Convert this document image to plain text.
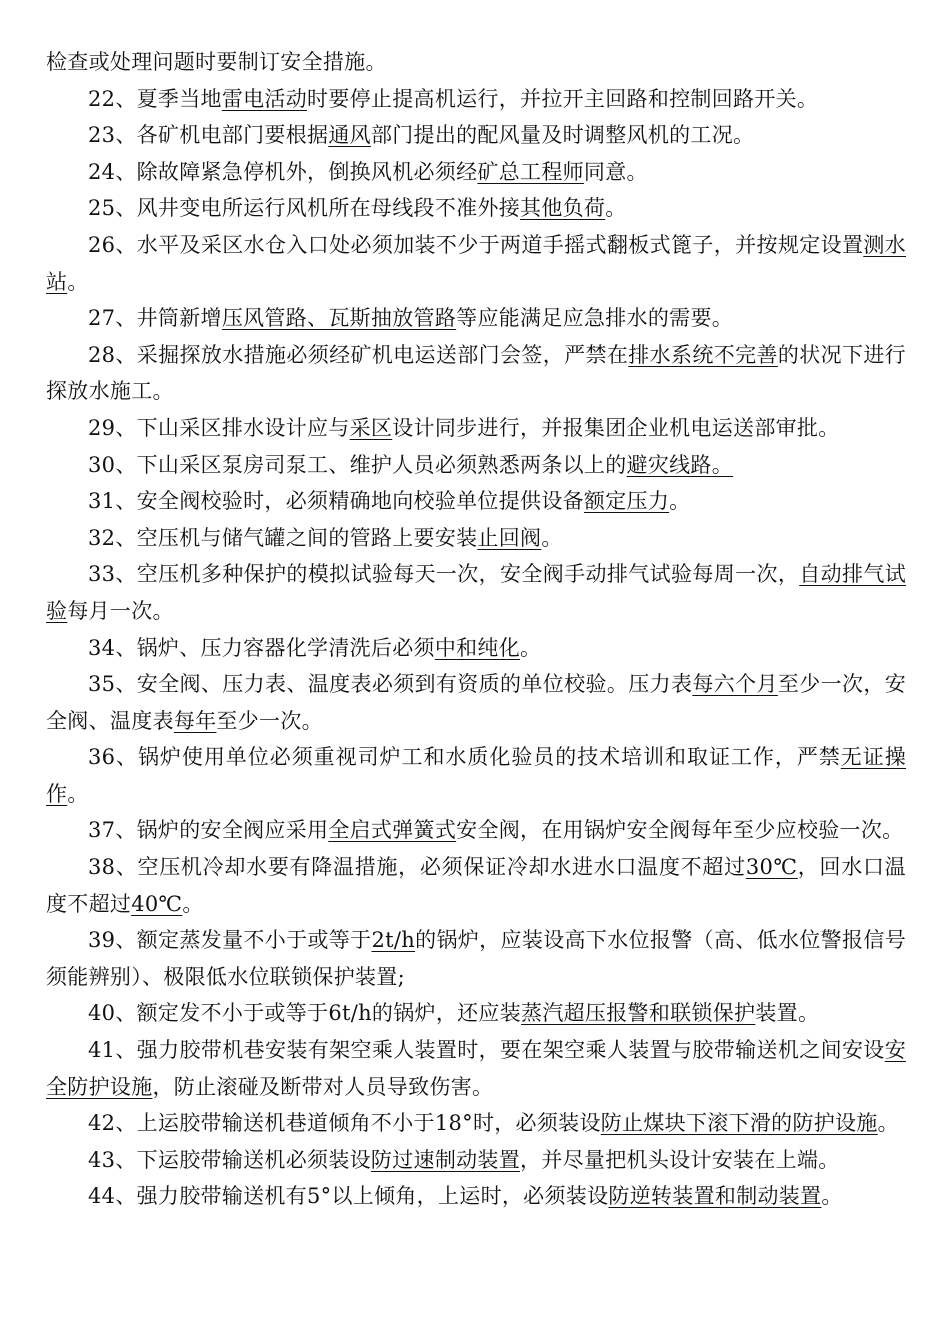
检查或处理问题时要制订安全措施。

22、夏季当地雷电活动时要停止提高机运行，并拉开主回路和控制回路开关。

23、各矿机电部门要根据通风部门提出的配风量及时调整风机的工况。

24、除故障紧急停机外，倒换风机必须经矿总工程师同意。

25、风井变电所运行风机所在母线段不准外接其他负荷。

26、水平及采区水仓入口处必须加装不少于两道手摇式翻板式篦子，并按规定设置测水站。

27、井筒新增压风管路、瓦斯抽放管路等应能满足应急排水的需要。

28、采掘探放水措施必须经矿机电运送部门会签，严禁在排水系统不完善的状况下进行探放水施工。

29、下山采区排水设计应与采区设计同步进行，并报集团企业机电运送部审批。

30、下山采区泵房司泵工、维护人员必须熟悉两条以上的避灾线路。

31、安全阀校验时，必须精确地向校验单位提供设备额定压力。

32、空压机与储气罐之间的管路上要安装止回阀。

33、空压机多种保护的模拟试验每天一次，安全阀手动排气试验每周一次，自动排气试验每月一次。

34、锅炉、压力容器化学清洗后必须中和纯化。

35、安全阀、压力表、温度表必须到有资质的单位校验。压力表每六个月至少一次，安全阀、温度表每年至少一次。

36、锅炉使用单位必须重视司炉工和水质化验员的技术培训和取证工作，严禁无证操作。

37、锅炉的安全阀应采用全启式弹簧式安全阀，在用锅炉安全阀每年至少应校验一次。

38、空压机冷却水要有降温措施，必须保证冷却水进水口温度不超过30℃，回水口温度不超过40℃。

39、额定蒸发量不小于或等于2t/h的锅炉，应装设高下水位报警（高、低水位警报信号须能辨别）、极限低水位联锁保护装置;

40、额定发不小于或等于6t/h的锅炉，还应装蒸汽超压报警和联锁保护装置。

41、强力胶带机巷安装有架空乘人装置时，要在架空乘人装置与胶带输送机之间安设安全防护设施，防止滚碰及断带对人员导致伤害。

42、上运胶带输送机巷道倾角不小于18°时，必须装设防止煤块下滚下滑的防护设施。

43、下运胶带输送机必须装设防过速制动装置，并尽量把机头设计安装在上端。

44、强力胶带输送机有5°以上倾角，上运时，必须装设防逆转装置和制动装置。
